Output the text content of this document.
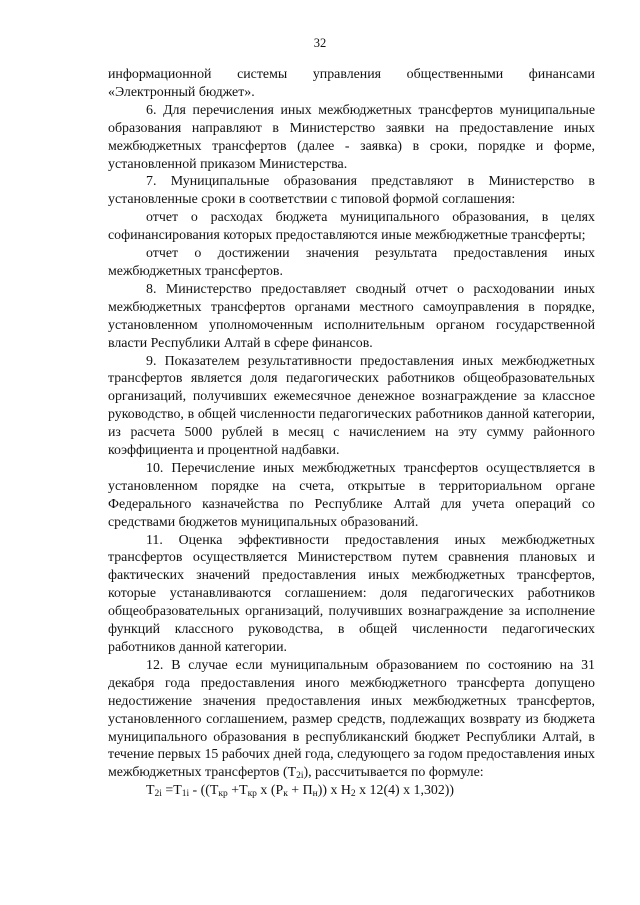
32

информационной системы управления общественными финансами «Электронный бюджет».

6. Для перечисления иных межбюджетных трансфертов муниципальные образования направляют в Министерство заявки на предоставление иных межбюджетных трансфертов (далее - заявка) в сроки, порядке и форме, установленной приказом Министерства.

7. Муниципальные образования представляют в Министерство в установленные сроки в соответствии с типовой формой соглашения:

отчет о расходах бюджета муниципального образования, в целях софинансирования которых предоставляются иные межбюджетные трансферты;

отчет о достижении значения результата предоставления иных межбюджетных трансфертов.

8. Министерство предоставляет сводный отчет о расходовании иных межбюджетных трансфертов органами местного самоуправления в порядке, установленном уполномоченным исполнительным органом государственной власти Республики Алтай в сфере финансов.

9. Показателем результативности предоставления иных межбюджетных трансфертов является доля педагогических работников общеобразовательных организаций, получивших ежемесячное денежное вознаграждение за классное руководство, в общей численности педагогических работников данной категории, из расчета 5000 рублей в месяц с начислением на эту сумму районного коэффициента и процентной надбавки.

10. Перечисление иных межбюджетных трансфертов осуществляется в установленном порядке на счета, открытые в территориальном органе Федерального казначейства по Республике Алтай для учета операций со средствами бюджетов муниципальных образований.

11. Оценка эффективности предоставления иных межбюджетных трансфертов осуществляется Министерством путем сравнения плановых и фактических значений предоставления иных межбюджетных трансфертов, которые устанавливаются соглашением: доля педагогических работников общеобразовательных организаций, получивших вознаграждение за исполнение функций классного руководства, в общей численности педагогических работников данной категории.

12. В случае если муниципальным образованием по состоянию на 31 декабря года предоставления иного межбюджетного трансферта допущено недостижение значения предоставления иных межбюджетных трансфертов, установленного соглашением, размер средств, подлежащих возврату из бюджета муниципального образования в республиканский бюджет Республики Алтай, в течение первых 15 рабочих дней года, следующего за годом предоставления иных межбюджетных трансфертов $(T_{2i})$, рассчитывается по формуле:

$T_{2i} =T_{1i} - ((T_{кр} +T_{кр}$ x $(P_к + П_н)$) x $Н_2$ x 12(4) x 1,302))
